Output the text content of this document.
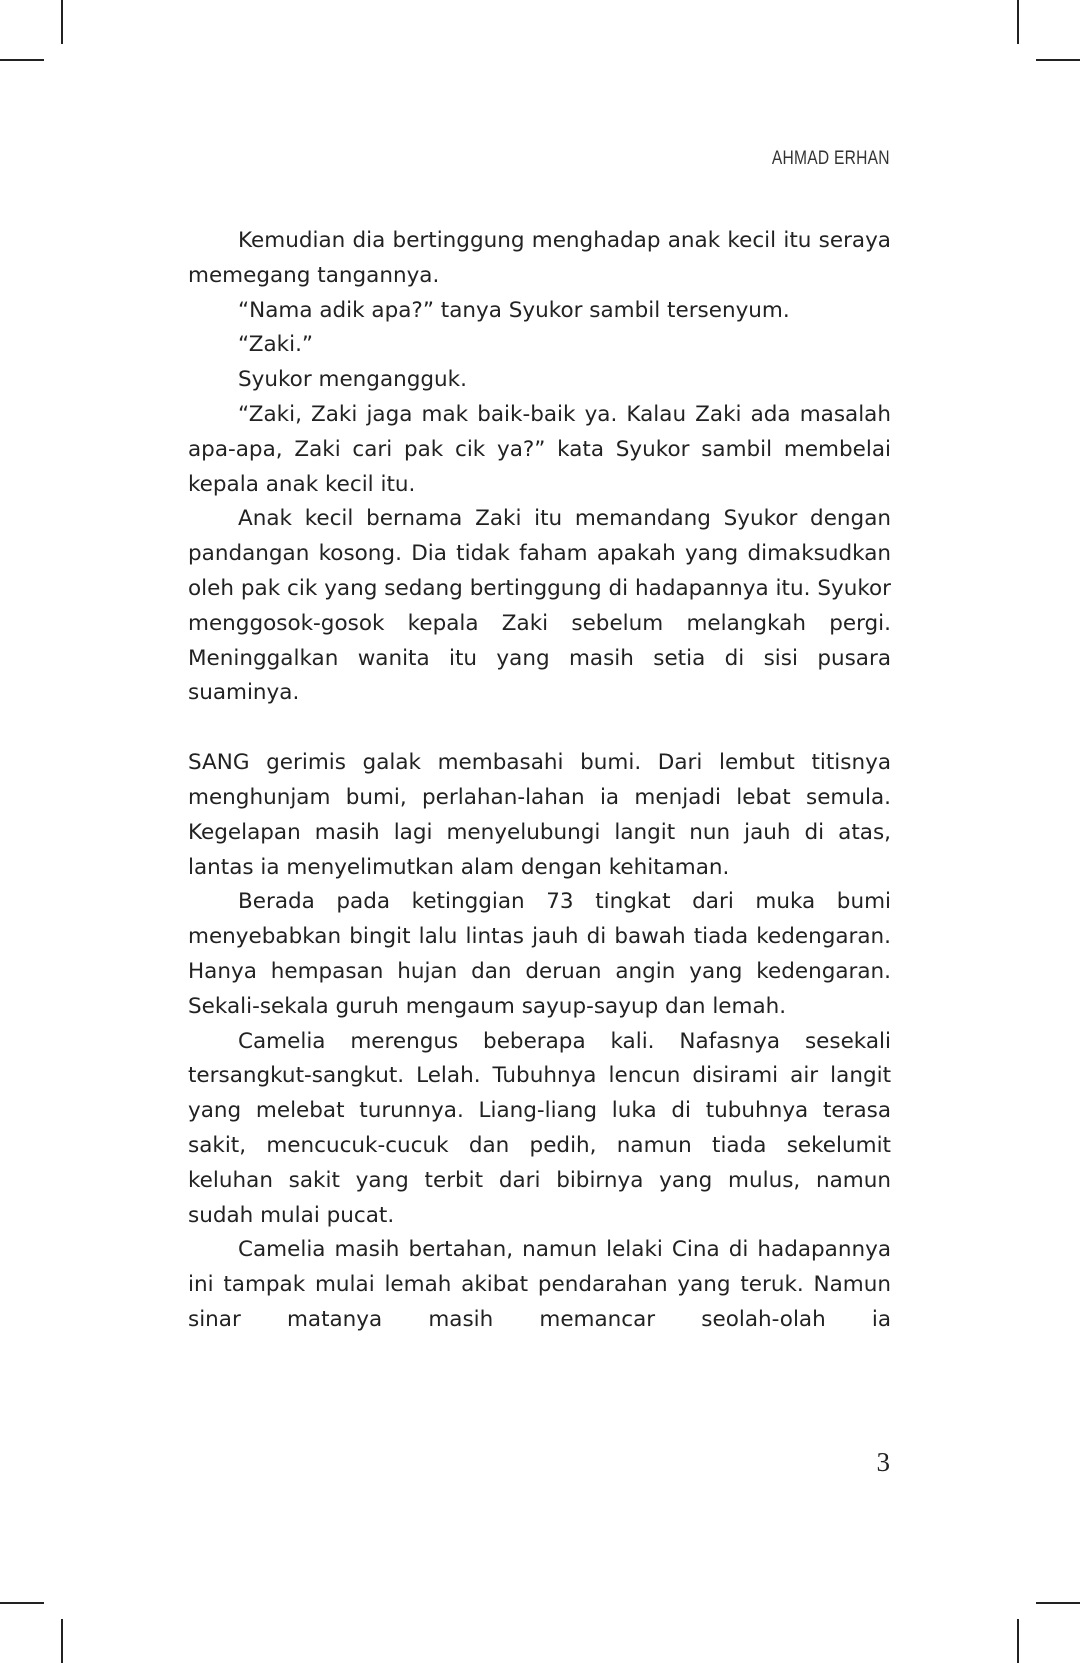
AHMAD ERHAN

Kemudian dia bertinggung menghadap anak kecil itu seraya memegang tangannya.

“Nama adik apa?” tanya Syukor sambil tersenyum.

“Zaki.”

Syukor mengangguk.

“Zaki, Zaki jaga mak baik-baik ya. Kalau Zaki ada masalah apa-apa, Zaki cari pak cik ya?” kata Syukor sambil membelai kepala anak kecil itu.

Anak kecil bernama Zaki itu memandang Syukor dengan pandangan kosong. Dia tidak faham apakah yang dimaksudkan oleh pak cik yang sedang bertinggung di hadapannya itu. Syukor menggosok-gosok kepala Zaki sebelum melangkah pergi. Meninggalkan wanita itu yang masih setia di sisi pusara suaminya.

SANG gerimis galak membasahi bumi. Dari lembut titisnya menghunjam bumi, perlahan-lahan ia menjadi lebat semula. Kegelapan masih lagi menyelubungi langit nun jauh di atas, lantas ia menyelimutkan alam dengan kehitaman.

Berada pada ketinggian 73 tingkat dari muka bumi menyebabkan bingit lalu lintas jauh di bawah tiada kedengaran. Hanya hempasan hujan dan deruan angin yang kedengaran. Sekali-sekala guruh mengaum sayup-sayup dan lemah.

Camelia merengus beberapa kali. Nafasnya sesekali tersangkut-sangkut. Lelah. Tubuhnya lencun disirami air langit yang melebat turunnya. Liang-liang luka di tubuhnya terasa sakit, mencucuk-cucuk dan pedih, namun tiada sekelumit keluhan sakit yang terbit dari bibirnya yang mulus, namun sudah mulai pucat.

Camelia masih bertahan, namun lelaki Cina di hadapannya ini tampak mulai lemah akibat pendarahan yang teruk. Namun sinar matanya masih memancar seolah-olah ia

3
